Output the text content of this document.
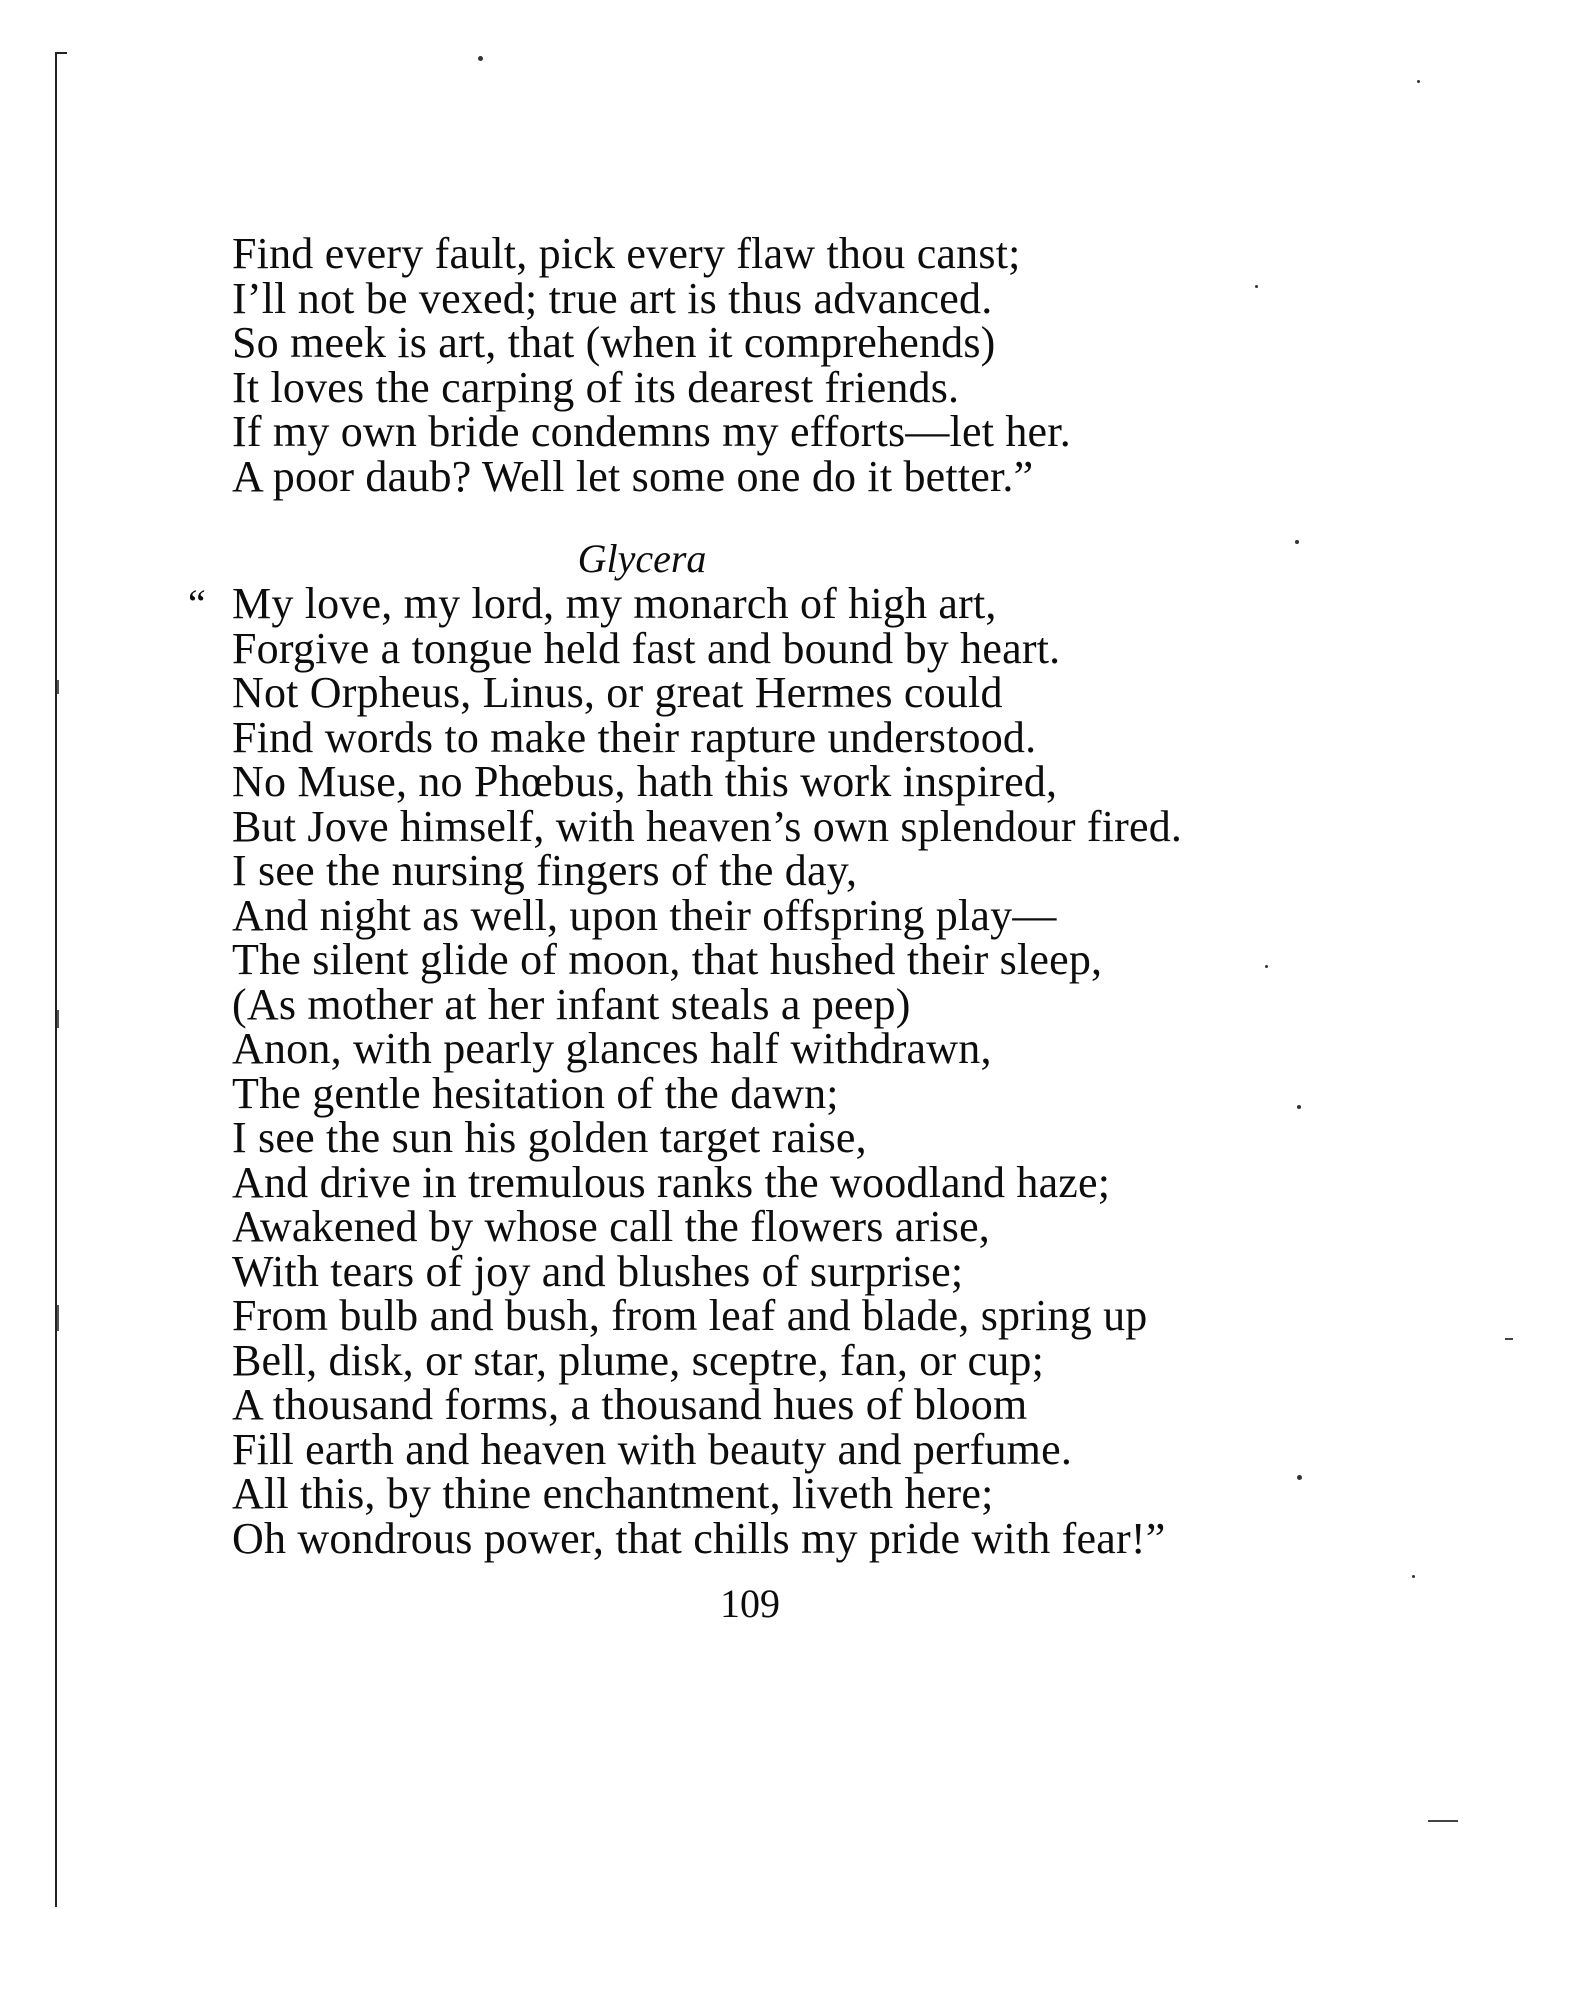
Find every fault, pick every flaw thou canst;
I’ll not be vexed; true art is thus advanced.
So meek is art, that (when it comprehends)
It loves the carping of its dearest friends.
If my own bride condemns my efforts—let her.
A poor daub? Well let some one do it better.”
Glycera
“ My love, my lord, my monarch of high art,
Forgive a tongue held fast and bound by heart.
Not Orpheus, Linus, or great Hermes could
Find words to make their rapture understood.
No Muse, no Phœbus, hath this work inspired,
But Jove himself, with heaven’s own splendour fired.
I see the nursing fingers of the day,
And night as well, upon their offspring play—
The silent glide of moon, that hushed their sleep,
(As mother at her infant steals a peep)
Anon, with pearly glances half withdrawn,
The gentle hesitation of the dawn;
I see the sun his golden target raise,
And drive in tremulous ranks the woodland haze;
Awakened by whose call the flowers arise,
With tears of joy and blushes of surprise;
From bulb and bush, from leaf and blade, spring up
Bell, disk, or star, plume, sceptre, fan, or cup;
A thousand forms, a thousand hues of bloom
Fill earth and heaven with beauty and perfume.
All this, by thine enchantment, liveth here;
Oh wondrous power, that chills my pride with fear!”
109
